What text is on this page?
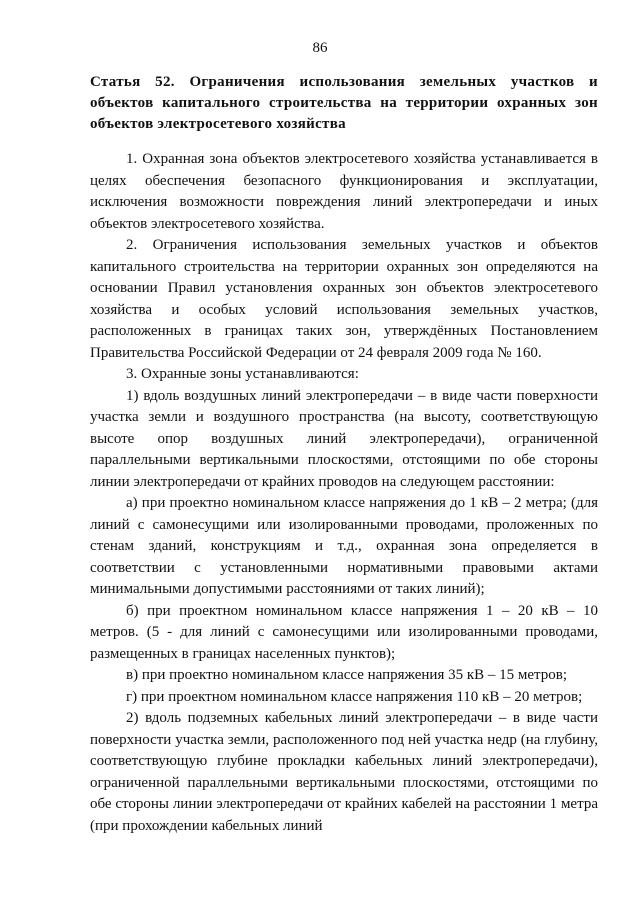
86
Статья 52. Ограничения использования земельных участков и объектов капитального строительства на территории охранных зон объектов электросетевого хозяйства

1. Охранная зона объектов электросетевого хозяйства устанавливается в целях обеспечения безопасного функционирования и эксплуатации, исключения возможности повреждения линий электропередачи и иных объектов электросетевого хозяйства.

2. Ограничения использования земельных участков и объектов капитального строительства на территории охранных зон определяются на основании Правил установления охранных зон объектов электросетевого хозяйства и особых условий использования земельных участков, расположенных в границах таких зон, утверждённых Постановлением Правительства Российской Федерации от 24 февраля 2009 года № 160.

3. Охранные зоны устанавливаются:

1) вдоль воздушных линий электропередачи – в виде части поверхности участка земли и воздушного пространства (на высоту, соответствующую высоте опор воздушных линий электропередачи), ограниченной параллельными вертикальными плоскостями, отстоящими по обе стороны линии электропередачи от крайних проводов на следующем расстоянии:

а) при проектно номинальном классе напряжения до 1 кВ – 2 метра; (для линий с самонесущими или изолированными проводами, проложенных по стенам зданий, конструкциям и т.д., охранная зона определяется в соответствии с установленными нормативными правовыми актами минимальными допустимыми расстояниями от таких линий);

б) при проектном номинальном классе напряжения 1 – 20 кВ – 10 метров. (5 - для линий с самонесущими или изолированными проводами, размещенных в границах населенных пунктов);

в) при проектно номинальном классе напряжения 35 кВ – 15 метров;

г) при проектном номинальном классе напряжения 110 кВ – 20 метров;

2) вдоль подземных кабельных линий электропередачи – в виде части поверхности участка земли, расположенного под ней участка недр (на глубину, соответствующую глубине прокладки кабельных линий электропередачи), ограниченной параллельными вертикальными плоскостями, отстоящими по обе стороны линии электропередачи от крайних кабелей на расстоянии 1 метра (при прохождении кабельных линий
